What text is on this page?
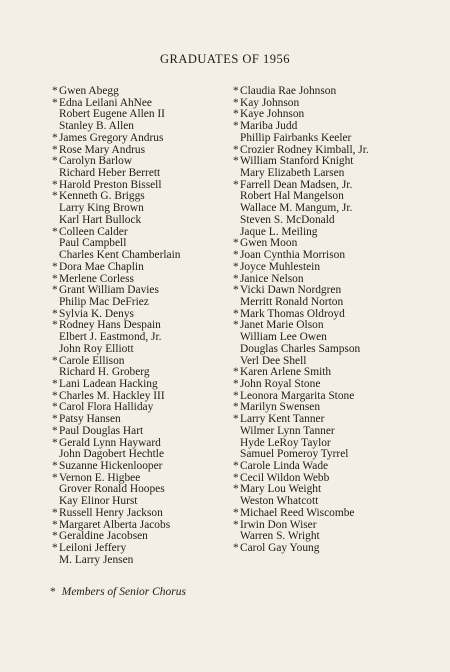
GRADUATES OF 1956
*Gwen Abegg
*Edna Leilani AhNee
Robert Eugene Allen II
Stanley B. Allen
*James Gregory Andrus
*Rose Mary Andrus
*Carolyn Barlow
Richard Heber Berrett
*Harold Preston Bissell
*Kenneth G. Briggs
Larry King Brown
Karl Hart Bullock
*Colleen Calder
Paul Campbell
Charles Kent Chamberlain
*Dora Mae Chaplin
*Merlene Corless
*Grant William Davies
Philip Mac DeFriez
*Sylvia K. Denys
*Rodney Hans Despain
Elbert J. Eastmond, Jr.
John Roy Elliott
*Carole Ellison
Richard H. Groberg
*Lani Ladean Hacking
*Charles M. Hackley III
*Carol Flora Halliday
*Patsy Hansen
*Paul Douglas Hart
*Gerald Lynn Hayward
John Dagobert Hechtle
*Suzanne Hickenlooper
*Vernon E. Higbee
Grover Ronald Hoopes
Kay Elinor Hurst
*Russell Henry Jackson
*Margaret Alberta Jacobs
*Geraldine Jacobsen
*Leiloni Jeffery
M. Larry Jensen
*Claudia Rae Johnson
*Kay Johnson
*Kaye Johnson
*Mariba Judd
Phillip Fairbanks Keeler
*Crozier Rodney Kimball, Jr.
*William Stanford Knight
Mary Elizabeth Larsen
*Farrell Dean Madsen, Jr.
Robert Hal Mangelson
Wallace M. Mangum, Jr.
Steven S. McDonald
Jaque L. Meiling
*Gwen Moon
*Joan Cynthia Morrison
*Joyce Muhlestein
*Janice Nelson
*Vicki Dawn Nordgren
Merritt Ronald Norton
*Mark Thomas Oldroyd
*Janet Marie Olson
William Lee Owen
Douglas Charles Sampson
Verl Dee Shell
*Karen Arlene Smith
*John Royal Stone
*Leonora Margarita Stone
*Marilyn Swensen
*Larry Kent Tanner
Wilmer Lynn Tanner
Hyde LeRoy Taylor
Samuel Pomeroy Tyrrel
*Carole Linda Wade
*Cecil Wildon Webb
*Mary Lou Weight
Weston Whatcott
*Michael Reed Wiscombe
*Irwin Don Wiser
Warren S. Wright
*Carol Gay Young
* Members of Senior Chorus
